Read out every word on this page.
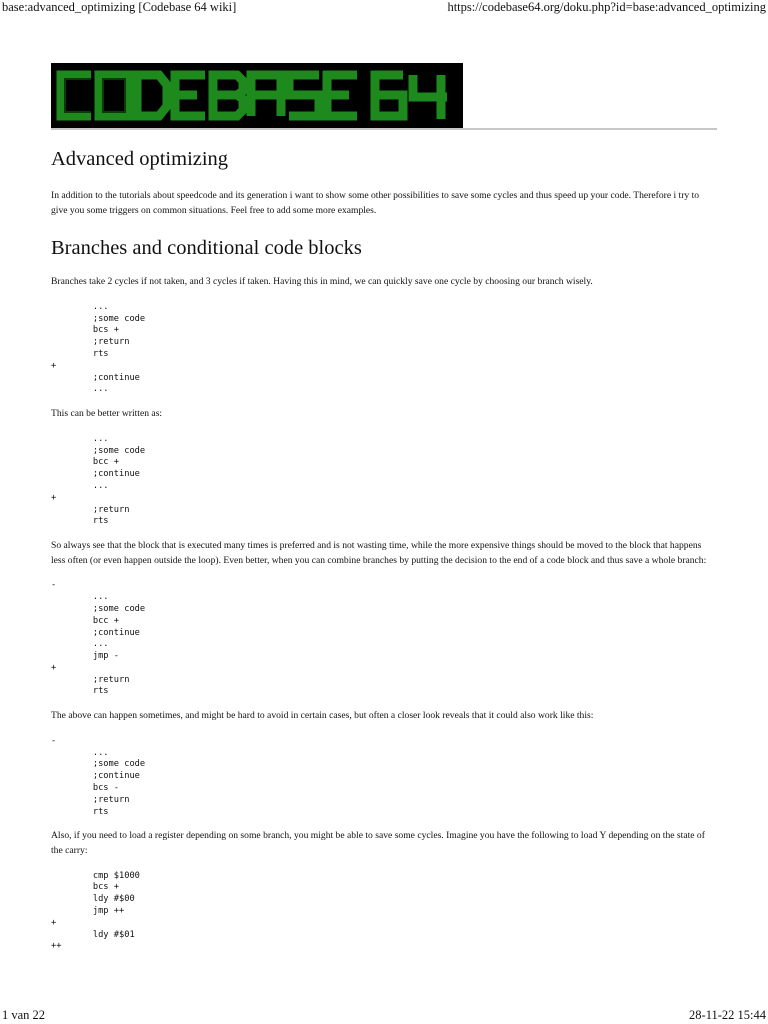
base:advanced_optimizing [Codebase 64 wiki]	https://codebase64.org/doku.php?id=base:advanced_optimizing
Advanced optimizing

In addition to the tutorials about speedcode and its generation i want to show some other possibilities to save some cycles and thus speed up your code. Therefore i try to give you some triggers on common situations. Feel free to add some more examples.

Branches and conditional code blocks

Branches take 2 cycles if not taken, and 3 cycles if taken. Having this in mind, we can quickly save one cycle by choosing our branch wisely.

...
;some code
bcs +
;return
rts
+
;continue
...

This can be better written as:

...
;some code
bcc +
;continue
...
+
;return
rts

So always see that the block that is executed many times is preferred and is not wasting time, while the more expensive things should be moved to the block that happens less often (or even happen outside the loop). Even better, when you can combine branches by putting the decision to the end of a code block and thus save a whole branch:

-
...
;some code
bcc +
;continue
...
jmp -
+
;return
rts

The above can happen sometimes, and might be hard to avoid in certain cases, but often a closer look reveals that it could also work like this:

-
...
;some code
;continue
bcs -
;return
rts

Also, if you need to load a register depending on some branch, you might be able to save some cycles. Imagine you have the following to load Y depending on the state of the carry:

cmp $1000
bcs +
ldy #$00
jmp ++
+
ldy #$01
++
1 van 22	28-11-22 15:44
